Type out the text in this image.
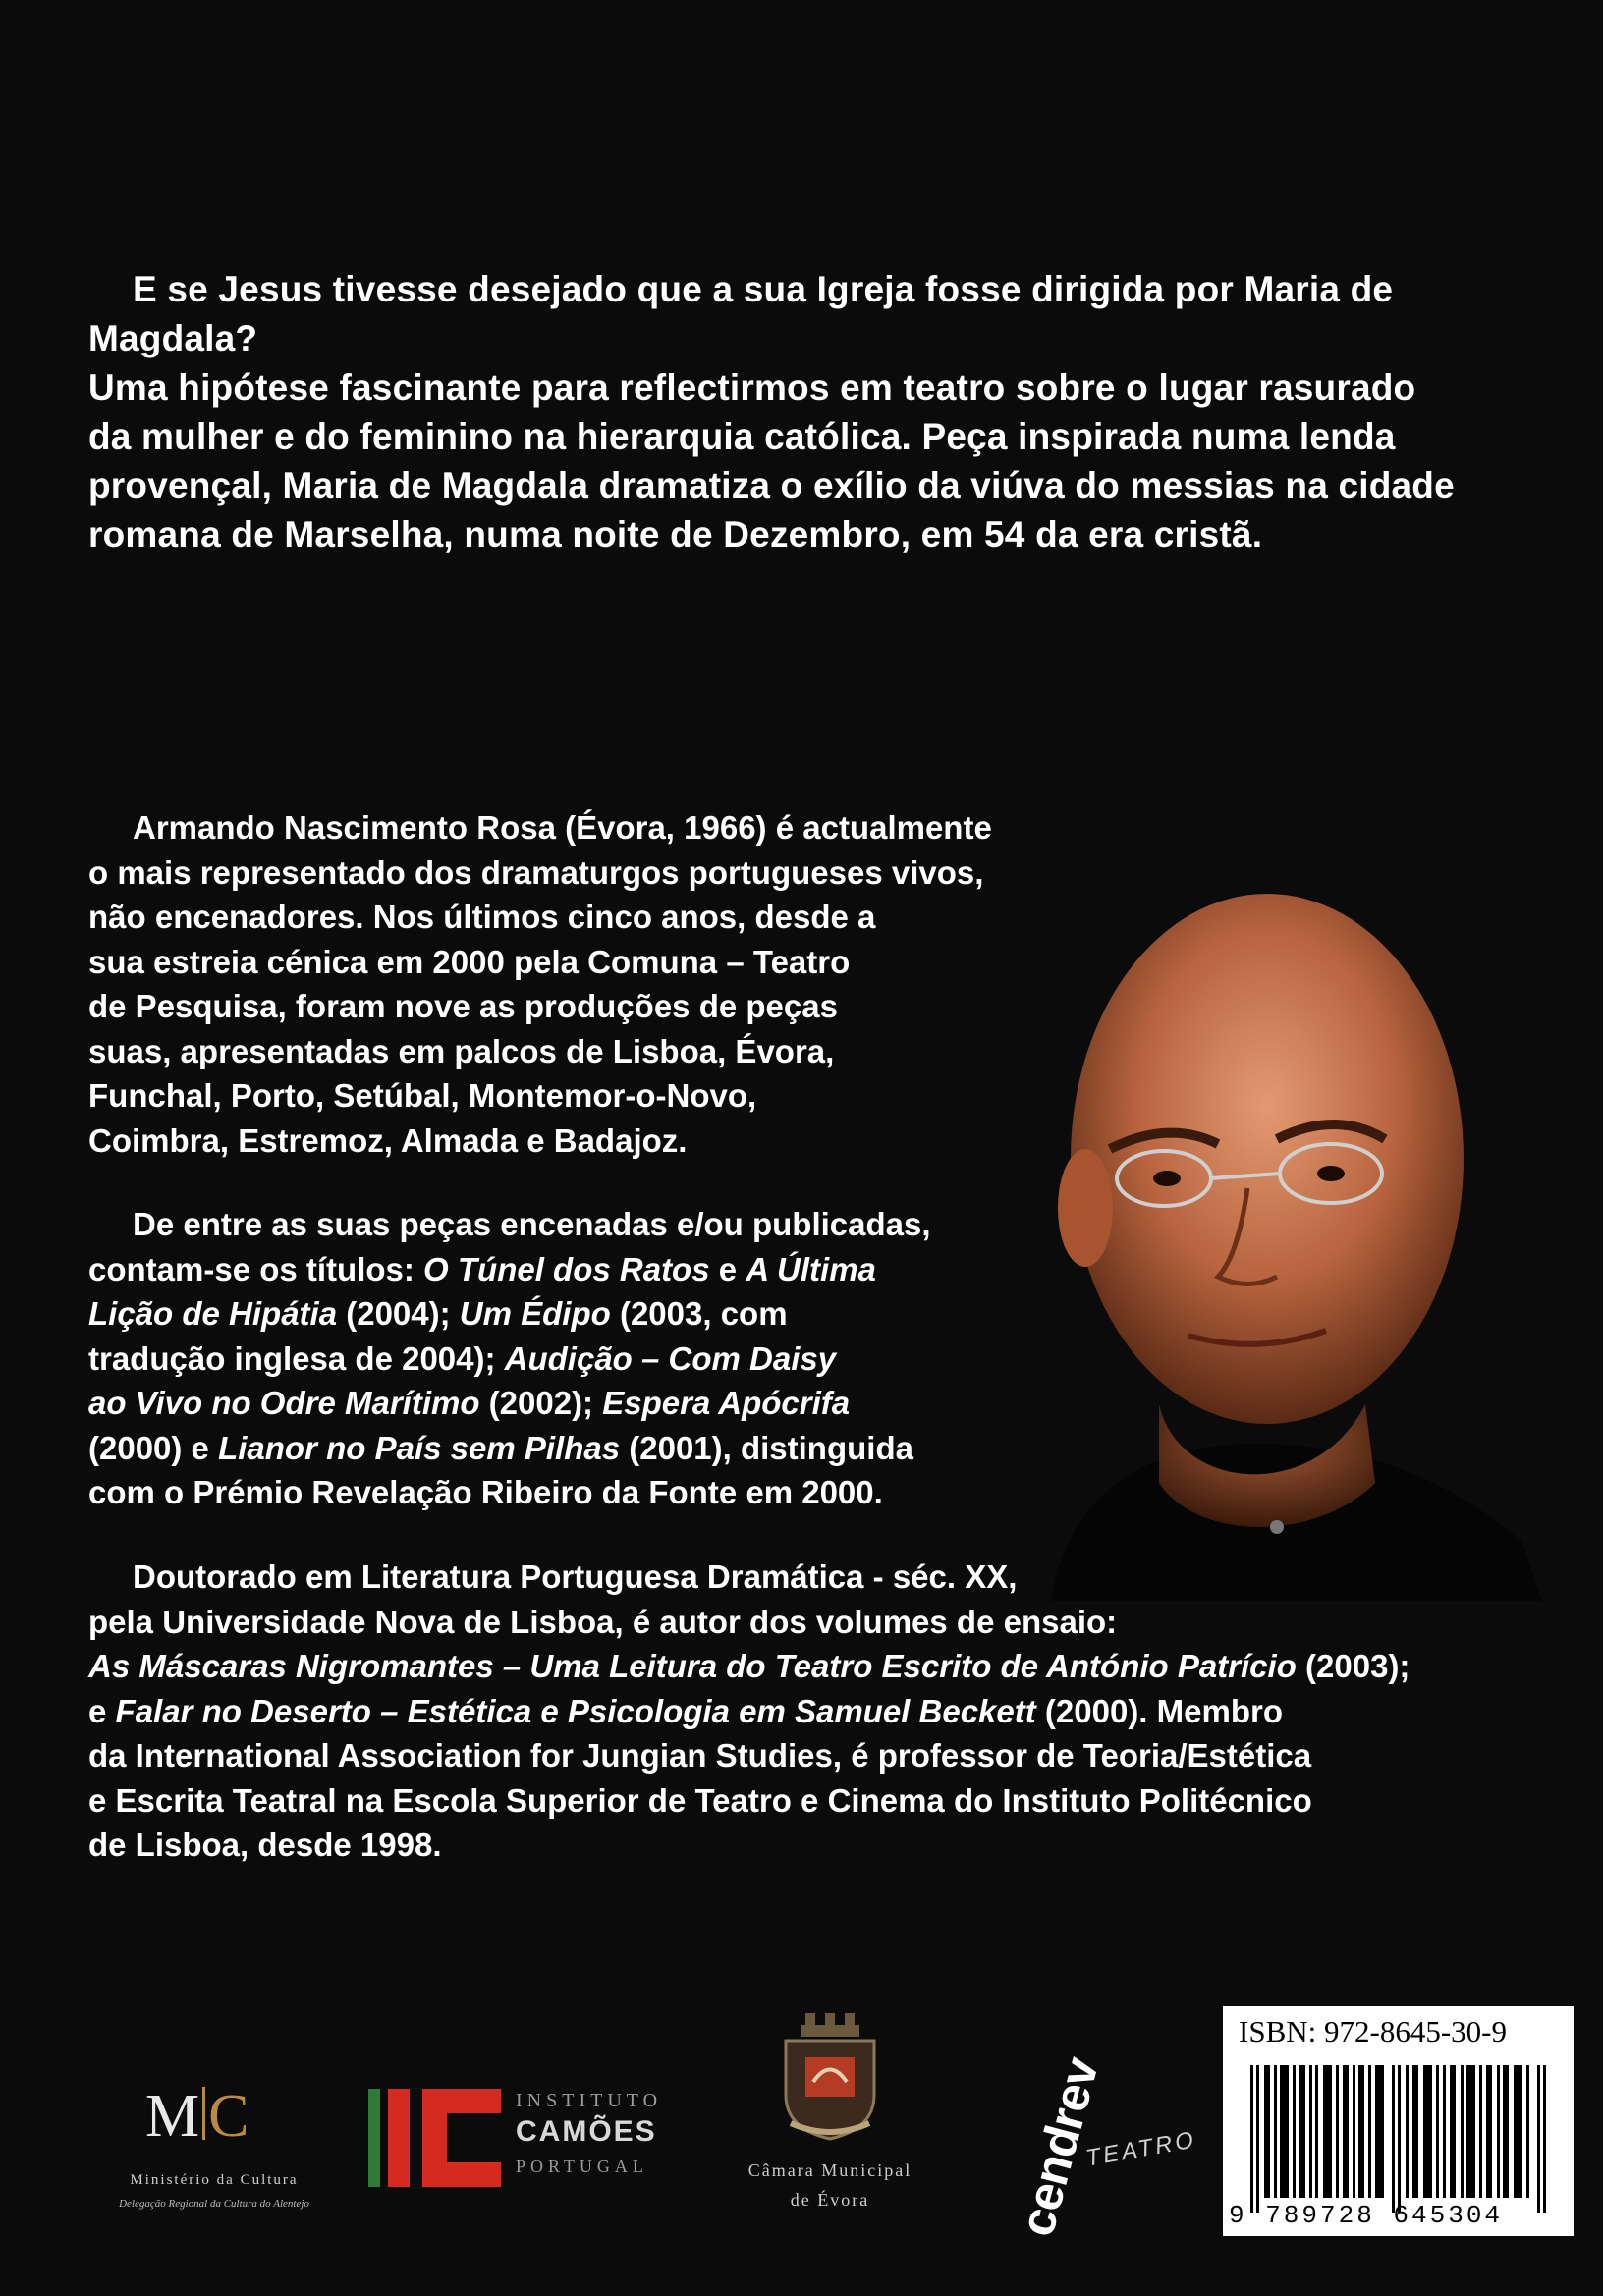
E se Jesus tivesse desejado que a sua Igreja fosse dirigida por Maria de Magdala?
Uma hipótese fascinante para reflectirmos em teatro sobre o lugar rasurado
da mulher e do feminino na hierarquia católica. Peça inspirada numa lenda
provençal, Maria de Magdala dramatiza o exílio da viúva do messias na cidade
romana de Marselha, numa noite de Dezembro, em 54 da era cristã.

Armando Nascimento Rosa (Évora, 1966) é actualmente
o mais representado dos dramaturgos portugueses vivos,
não encenadores. Nos últimos cinco anos, desde a
sua estreia cénica em 2000 pela Comuna – Teatro
de Pesquisa, foram nove as produções de peças
suas, apresentadas em palcos de Lisboa, Évora,
Funchal, Porto, Setúbal, Montemor-o-Novo,
Coimbra, Estremoz, Almada e Badajoz.

De entre as suas peças encenadas e/ou publicadas,
contam-se os títulos: O Túnel dos Ratos e A Última
Lição de Hipátia (2004); Um Édipo (2003, com
tradução inglesa de 2004); Audição – Com Daisy
ao Vivo no Odre Marítimo (2002); Espera Apócrifa
(2000) e Lianor no País sem Pilhas (2001), distinguida
com o Prémio Revelação Ribeiro da Fonte em 2000.

Doutorado em Literatura Portuguesa Dramática - séc. XX,
pela Universidade Nova de Lisboa, é autor dos volumes de ensaio:
As Máscaras Nigromantes – Uma Leitura do Teatro Escrito de António Patrício (2003);
e Falar no Deserto – Estética e Psicologia em Samuel Beckett (2000). Membro
da International Association for Jungian Studies, é professor de Teoria/Estética
e Escrita Teatral na Escola Superior de Teatro e Cinema do Instituto Politécnico
de Lisboa, desde 1998.

M C
Ministério da Cultura
Delegação Regional da Cultura do Alentejo
INSTITUTO
CAMÕES
PORTUGAL	Câmara Municipal
de Évora	cendrev
TEATRO
ISBN: 972-8645-30-9
9 789728 645304
